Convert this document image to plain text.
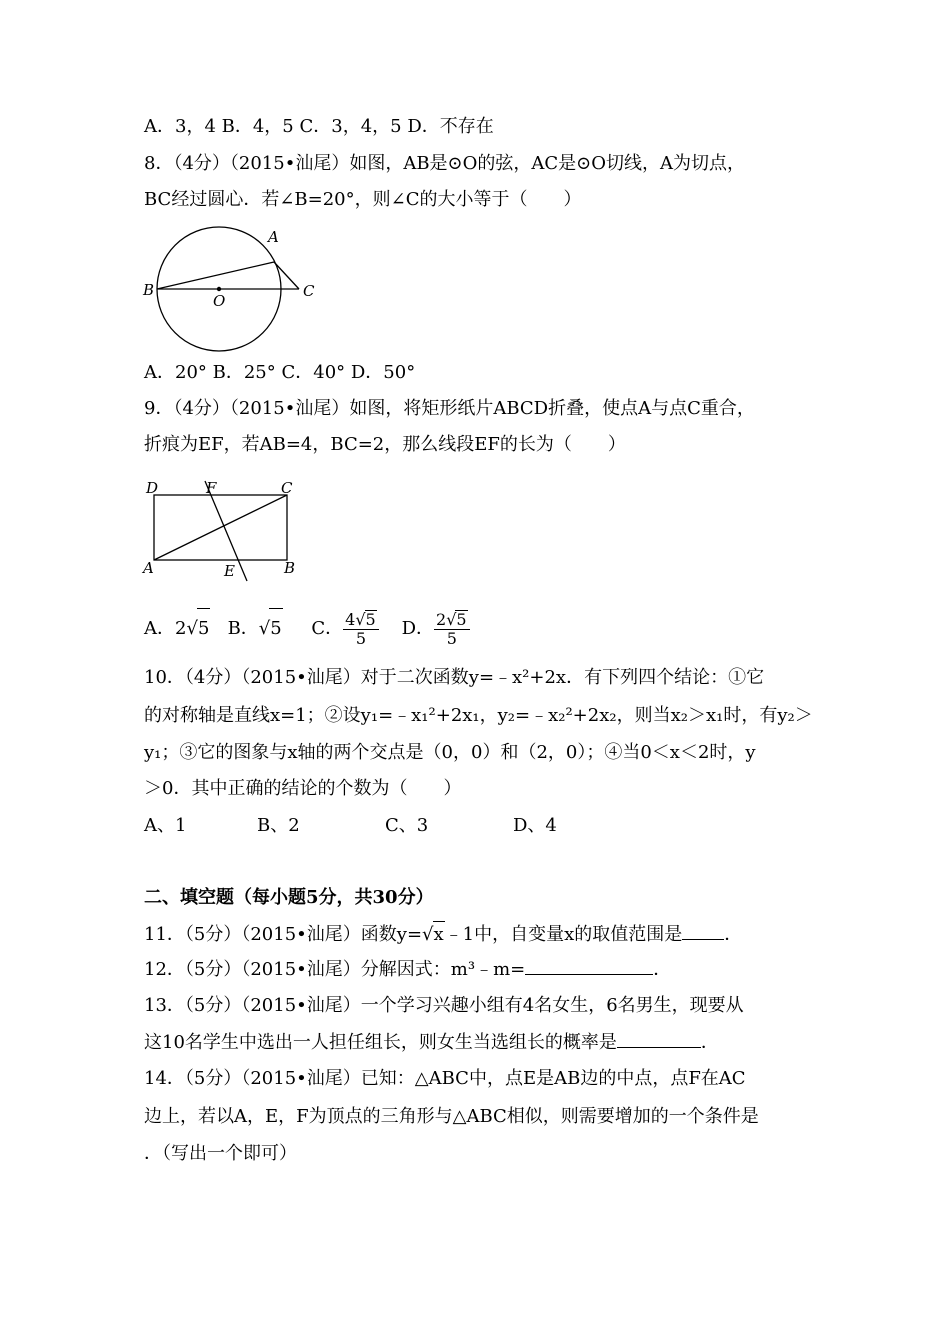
A．3，4 B．4，5 C．3，4，5 D．不存在
8．（4分）（2015•汕尾）如图，AB是⊙O的弦，AC是⊙O切线，A为切点，
BC经过圆心．若∠B=20°，则∠C的大小等于（　　）
A
B	C
O
A．20° B．25° C．40° D．50°
9．（4分）（2015•汕尾）如图，将矩形纸片ABCD折叠，使点A与点C重合，
折痕为EF，若AB=4，BC=2，那么线段EF的长为（　　）
D	F	C
A	E	B
A．2√5 B．√5 C． $\frac{4√5}{5}$ D． $\frac{2√5}{5}$
10．（4分）（2015•汕尾）对于二次函数y=﹣x²+2x．有下列四个结论：①它
的对称轴是直线x=1；②设y₁=﹣x₁²+2x₁，y₂=﹣x₂²+2x₂，则当x₂＞x₁时，有y₂＞
y₁；③它的图象与x轴的两个交点是（0，0）和（2，0）；④当0＜x＜2时，y
＞0．其中正确的结论的个数为（　　）
A、1	B、2	C、3	D、4
二、填空题（每小题5分，共30分）
11．（5分）（2015•汕尾）函数y=√x﹣1中，自变量x的取值范围是 ．
12．（5分）（2015•汕尾）分解因式：m³﹣m=	．
13．（5分）（2015•汕尾）一个学习兴趣小组有4名女生，6名男生，现要从
这10名学生中选出一人担任组长，则女生当选组长的概率是	．
14．（5分）（2015•汕尾）已知：△ABC中，点E是AB边的中点，点F在AC
边上，若以A，E，F为顶点的三角形与△ABC相似，则需要增加的一个条件是
．（写出一个即可）
